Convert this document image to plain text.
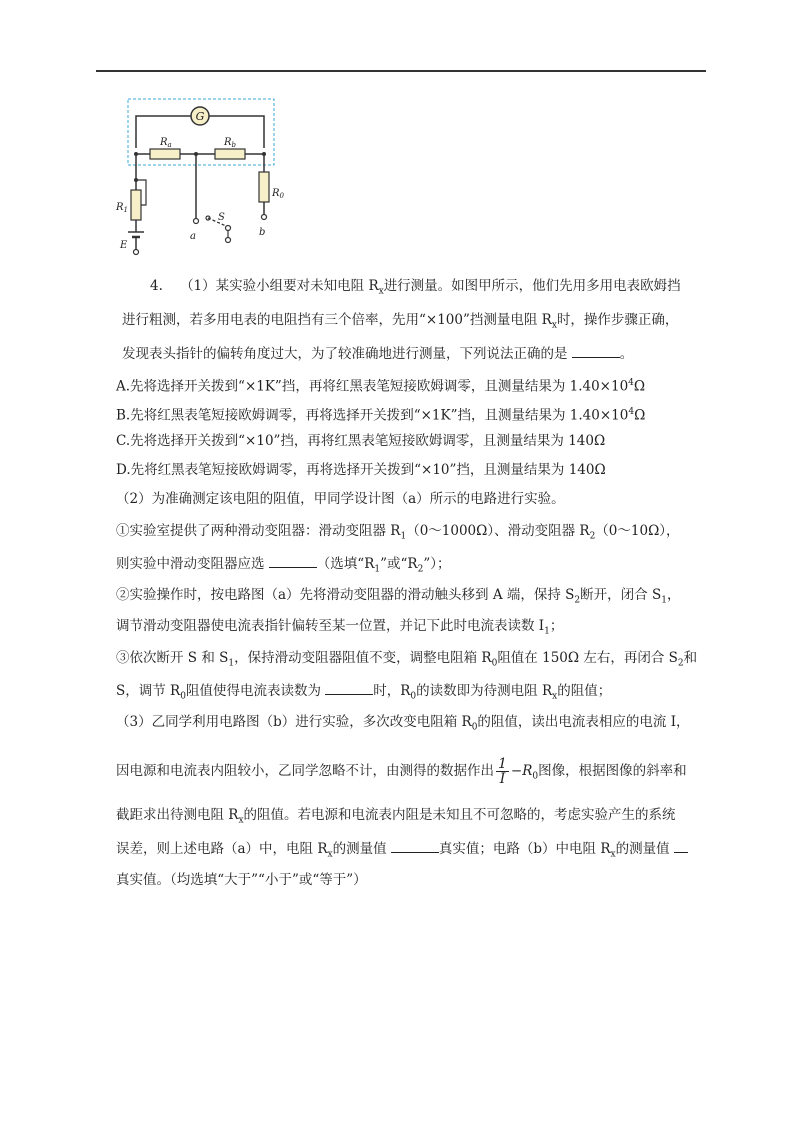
G
$R_a$	$R_b$
$R_1$
E
a
S
$R_0$
b
4. （1）某实验小组要对未知电阻 $R_x$进行测量。如图甲所示，他们先用多用电表欧姆挡
进行粗测，若多用电表的电阻挡有三个倍率，先用“×100”挡测量电阻 $R_x$时，操作步骤正确，
发现表头指针的偏转角度过大，为了较准确地进行测量，下列说法正确的是	。
A.先将选择开关拨到“×1K”挡，再将红黑表笔短接欧姆调零，且测量结果为 $1.40\times 10^4\Omega$
B.先将红黑表笔短接欧姆调零，再将选择开关拨到“×1K”挡，且测量结果为 $1.40\times 10^4\Omega$
C.先将选择开关拨到“×10”挡，再将红黑表笔短接欧姆调零，且测量结果为 140Ω
D.先将红黑表笔短接欧姆调零，再将选择开关拨到“×10”挡，且测量结果为 140Ω
（2）为准确测定该电阻的阻值，甲同学设计图（a）所示的电路进行实验。
①实验室提供了两种滑动变阻器：滑动变阻器 $R_1(0\sim 1000\Omega)$、滑动变阻器 $R_2(0\sim 10\Omega)$，
则实验中滑动变阻器应选	（选填“$R_1$”或“$R_2$”）；
②实验操作时，按电路图（a）先将滑动变阻器的滑动触头移到 A 端，保持 $S_2$断开，闭合 $S_1$，
调节滑动变阻器使电流表指针偏转至某一位置，并记下此时电流表读数 $I_1$；
③依次断开 S 和 $S_1$，保持滑动变阻器阻值不变，调整电阻箱 $R_0$阻值在 150Ω 左右，再闭合 $S_2$和
S，调节 $R_0$阻值使得电流表读数为	时，$R_0$的读数即为待测电阻 $R_x$的阻值；
（3）乙同学利用电路图（b）进行实验，多次改变电阻箱 $R_0$的阻值，读出电流表相应的电流 I，
因电源和电流表内阻较小，乙同学忽略不计，由测得的数据作出 $\frac{1}{I} -R_0$图像，根据图像的斜率和
截距求出待测电阻 $R_x$的阻值。若电源和电流表内阻是未知且不可忽略的，考虑实验产生的系统
误差，则上述电路（a）中，电阻 $R_x$的测量值	真实值；电路（b）中电阻 $R_x$的测量值
真实值。（均选填“大于”“小于”或“等于”）
